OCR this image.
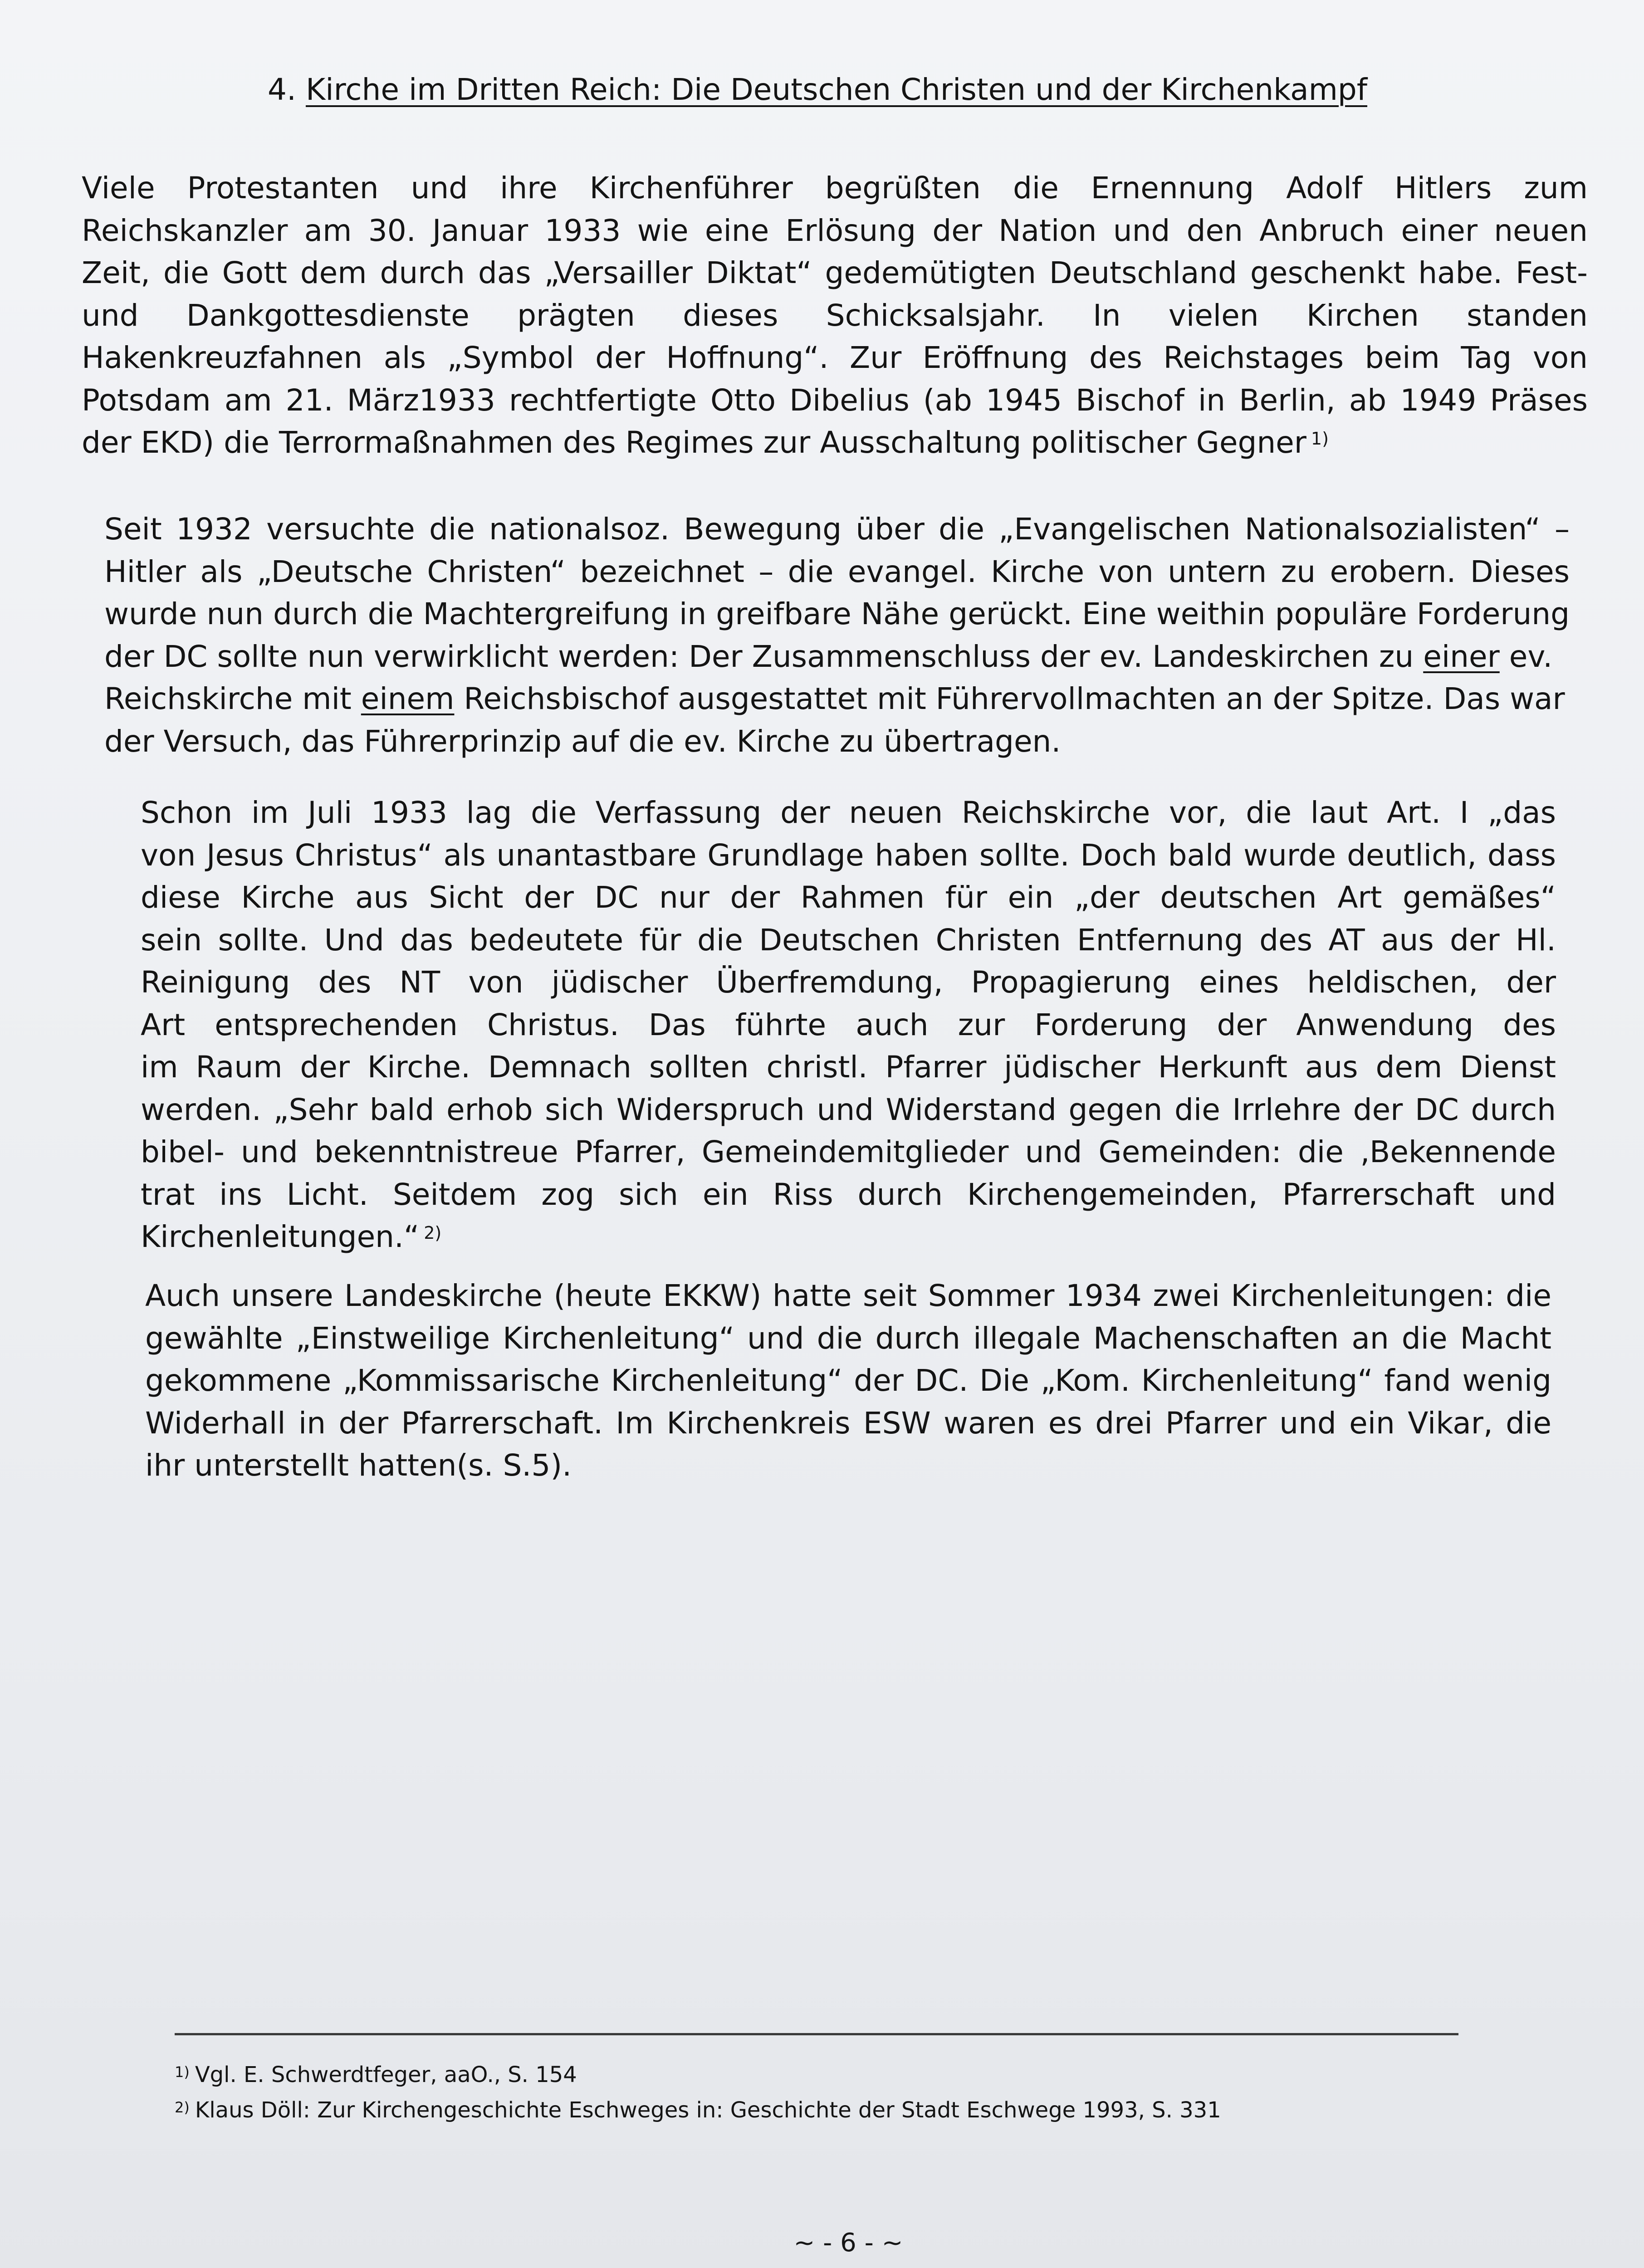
4. Kirche im Dritten Reich: Die Deutschen Christen und der Kirchenkampf
Viele Protestanten und ihre Kirchenführer begrüßten die Ernennung Adolf Hitlers zum
Reichskanzler am 30. Januar 1933 wie eine Erlösung der Nation und den Anbruch einer neuen
Zeit, die Gott dem durch das „Versailler Diktat“ gedemütigten Deutschland geschenkt habe. Fest-
und Dankgottesdienste prägten dieses Schicksalsjahr. In vielen Kirchen standen
Hakenkreuzfahnen als „Symbol der Hoffnung“. Zur Eröffnung des Reichstages beim Tag von
Potsdam am 21. März1933 rechtfertigte Otto Dibelius (ab 1945 Bischof in Berlin, ab 1949 Präses
der EKD) die Terrormaßnahmen des Regimes zur Ausschaltung politischer Gegner $^{1)}$
Seit 1932 versuchte die nationalsoz. Bewegung über die „Evangelischen Nationalsozialisten“ –
Hitler als „Deutsche Christen“ bezeichnet – die evangel. Kirche von untern zu erobern. Dieses
wurde nun durch die Machtergreifung in greifbare Nähe gerückt. Eine weithin populäre Forderung
der DC sollte nun verwirklicht werden: Der Zusammenschluss der ev. Landeskirchen zu einer ev.
Reichskirche mit einem Reichsbischof ausgestattet mit Führervollmachten an der Spitze. Das war
der Versuch, das Führerprinzip auf die ev. Kirche zu übertragen.
Schon im Juli 1933 lag die Verfassung der neuen Reichskirche vor, die laut Art. I „das
von Jesus Christus“ als unantastbare Grundlage haben sollte. Doch bald wurde deutlich, dass
diese Kirche aus Sicht der DC nur der Rahmen für ein „der deutschen Art gemäßes“
sein sollte. Und das bedeutete für die Deutschen Christen Entfernung des AT aus der Hl.
Reinigung des NT von jüdischer Überfremdung, Propagierung eines heldischen, der
Art entsprechenden Christus. Das führte auch zur Forderung der Anwendung des
im Raum der Kirche. Demnach sollten christl. Pfarrer jüdischer Herkunft aus dem Dienst
werden. „Sehr bald erhob sich Widerspruch und Widerstand gegen die Irrlehre der DC durch
bibel- und bekenntnistreue Pfarrer, Gemeindemitglieder und Gemeinden: die ‚Bekennende
trat ins Licht. Seitdem zog sich ein Riss durch Kirchengemeinden, Pfarrerschaft und
Kirchenleitungen.“ $^{2)}$
Auch unsere Landeskirche (heute EKKW) hatte seit Sommer 1934 zwei Kirchenleitungen: die
gewählte „Einstweilige Kirchenleitung“ und die durch illegale Machenschaften an die Macht
gekommene „Kommissarische Kirchenleitung“ der DC. Die „Kom. Kirchenleitung“ fand wenig
Widerhall in der Pfarrerschaft. Im Kirchenkreis ESW waren es drei Pfarrer und ein Vikar, die
ihr unterstellt hatten(s. S.5).
$^{1)}$ Vgl. E. Schwerdtfeger, aaO., S. 154
$^{2)}$ Klaus Döll: Zur Kirchengeschichte Eschweges in: Geschichte der Stadt Eschwege 1993, S. 331
~ - 6 - ~
